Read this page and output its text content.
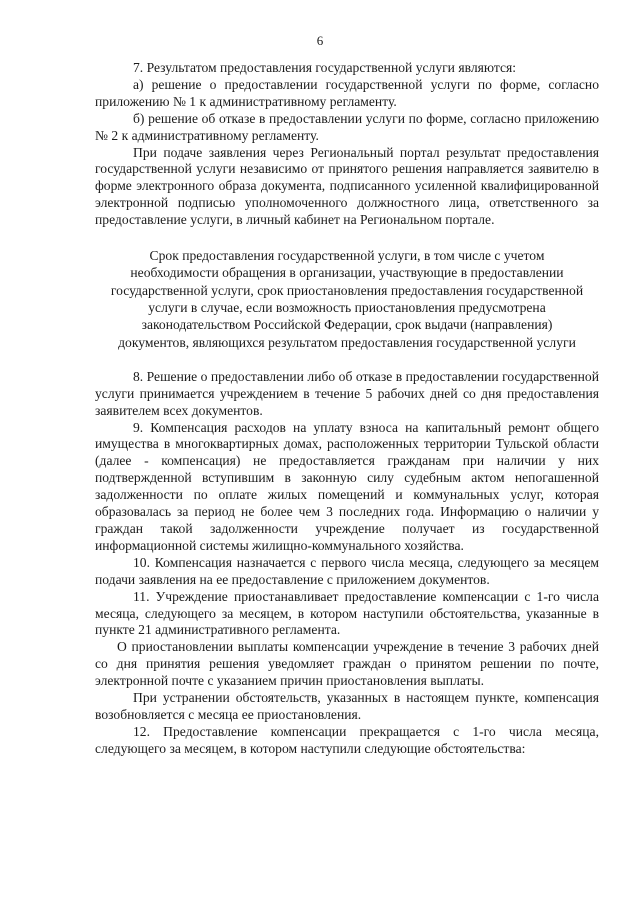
6

7. Результатом предоставления государственной услуги являются:

а) решение о предоставлении государственной услуги по форме, согласно приложению № 1 к административному регламенту.

б) решение об отказе в предоставлении услуги по форме, согласно приложению № 2 к административному регламенту.

При подаче заявления через Региональный портал результат предоставления государственной услуги независимо от принятого решения направляется заявителю в форме электронного образа документа, подписанного усиленной квалифицированной электронной подписью уполномоченного должностного лица, ответственного за предоставление услуги, в личный кабинет на Региональном портале.

Срок предоставления государственной услуги, в том числе с учетом необходимости обращения в организации, участвующие в предоставлении государственной услуги, срок приостановления предоставления государственной услуги в случае, если возможность приостановления предусмотрена законодательством Российской Федерации, срок выдачи (направления) документов, являющихся результатом предоставления государственной услуги

8. Решение о предоставлении либо об отказе в предоставлении государственной услуги принимается учреждением в течение 5 рабочих дней со дня предоставления заявителем всех документов.

9. Компенсация расходов на уплату взноса на капитальный ремонт общего имущества в многоквартирных домах, расположенных территории Тульской области (далее - компенсация) не предоставляется гражданам при наличии у них подтвержденной вступившим в законную силу судебным актом непогашенной задолженности по оплате жилых помещений и коммунальных услуг, которая образовалась за период не более чем 3 последних года. Информацию о наличии у граждан такой задолженности учреждение получает из государственной информационной системы жилищно-коммунального хозяйства.

10. Компенсация назначается с первого числа месяца, следующего за месяцем подачи заявления на ее предоставление с приложением документов.

11. Учреждение приостанавливает предоставление компенсации с 1-го числа месяца, следующего за месяцем, в котором наступили обстоятельства, указанные в пункте 21 административного регламента.

О приостановлении выплаты компенсации учреждение в течение 3 рабочих дней со дня принятия решения уведомляет граждан о принятом решении по почте, электронной почте с указанием причин приостановления выплаты.

При устранении обстоятельств, указанных в настоящем пункте, компенсация возобновляется с месяца ее приостановления.

12. Предоставление компенсации прекращается с 1-го числа месяца, следующего за месяцем, в котором наступили следующие обстоятельства:
